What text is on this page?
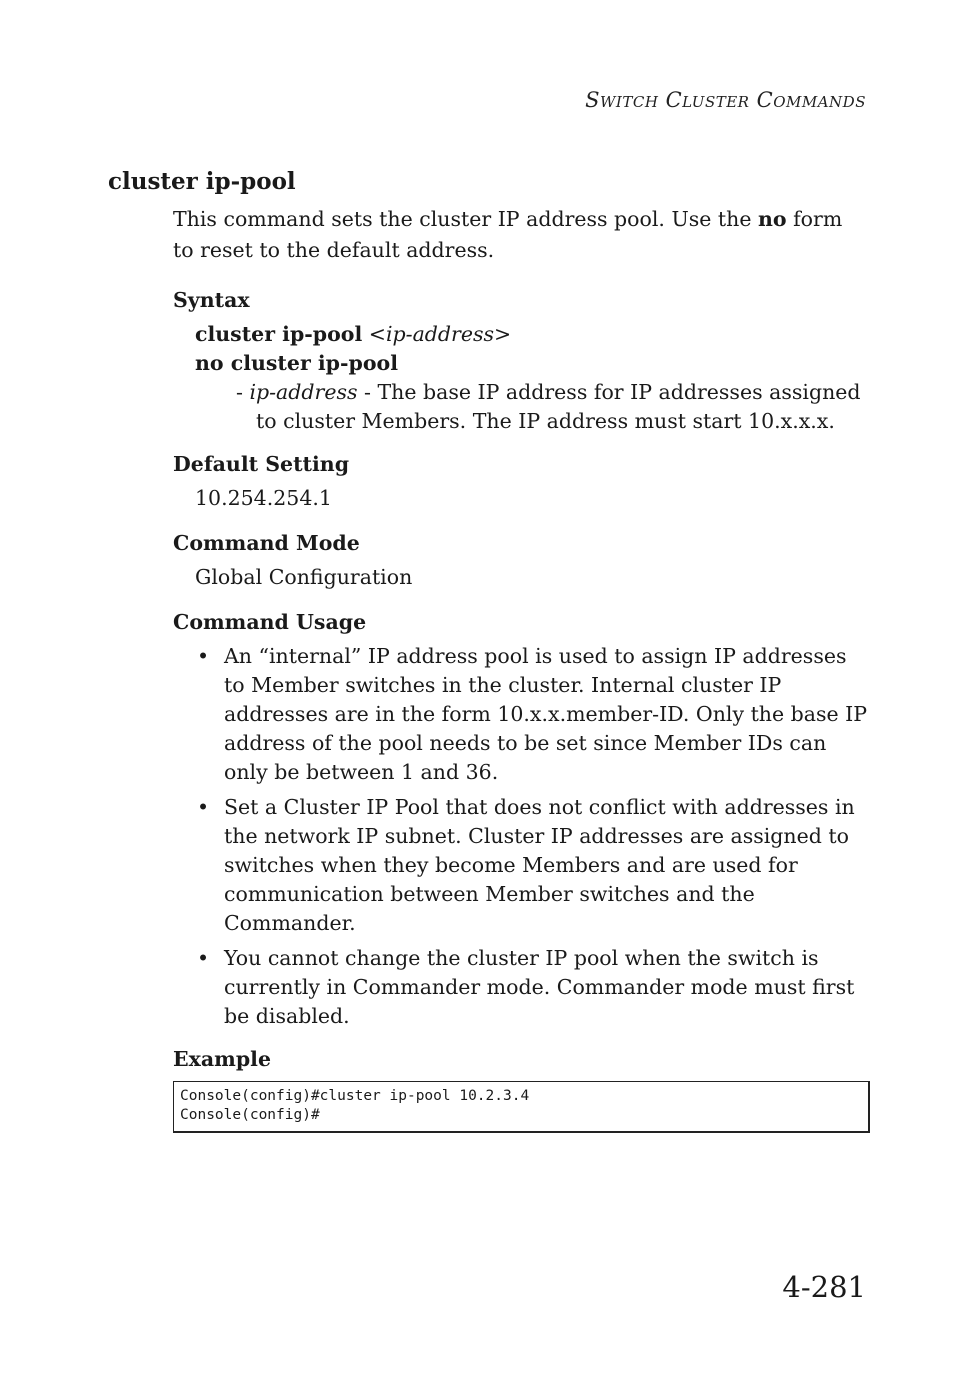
Switch Cluster Commands
cluster ip-pool

This command sets the cluster IP address pool. Use the no form to reset to the default address.

Syntax
cluster ip-pool <ip-address>
no cluster ip-pool
- ip-address - The base IP address for IP addresses assigned to cluster Members. The IP address must start 10.x.x.x.
Default Setting
10.254.254.1
Command Mode
Global Configuration
Command Usage
• An “internal” IP address pool is used to assign IP addresses to Member switches in the cluster. Internal cluster IP addresses are in the form 10.x.x.member-ID. Only the base IP address of the pool needs to be set since Member IDs can only be between 1 and 36.
• Set a Cluster IP Pool that does not conflict with addresses in the network IP subnet. Cluster IP addresses are assigned to switches when they become Members and are used for communication between Member switches and the Commander.
• You cannot change the cluster IP pool when the switch is currently in Commander mode. Commander mode must first be disabled.
Example
Console(config)#cluster ip-pool 10.2.3.4
Console(config)#
4-281
